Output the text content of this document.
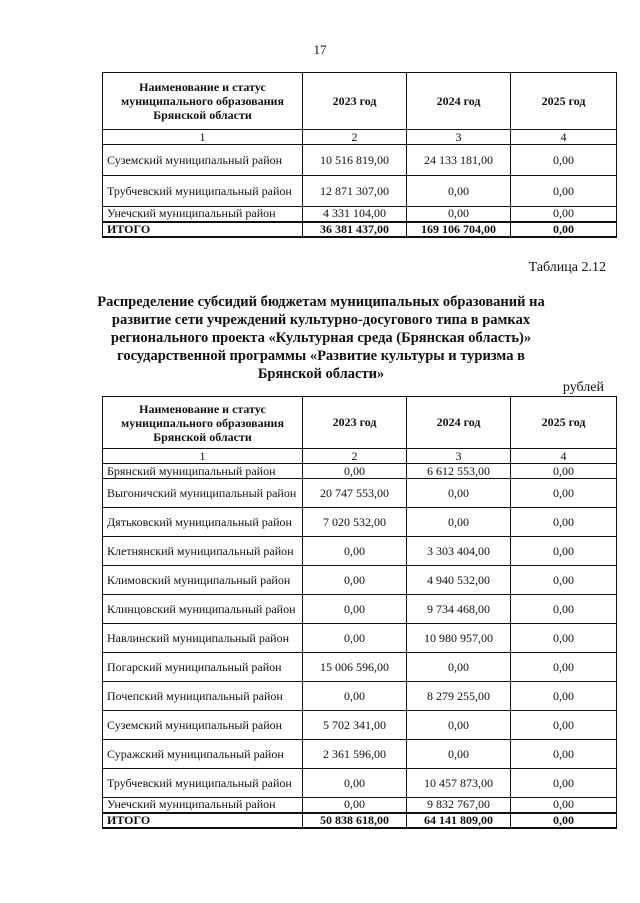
17
Наименование и статус муниципального образования Брянской области	2023 год	2024 год	2025 год
1	2	3	4
Суземский муниципальный район	10 516 819,00	24 133 181,00	0,00
Трубчевский муниципальный район	12 871 307,00	0,00	0,00
Унечский муниципальный район	4 331 104,00	0,00	0,00
ИТОГО	36 381 437,00	169 106 704,00	0,00
Таблица 2.12
Распределение субсидий бюджетам муниципальных образований на развитие сети учреждений культурно-досугового типа в рамках регионального проекта «Культурная среда (Брянская область)» государственной программы «Развитие культуры и туризма в Брянской области»
рублей
Наименование и статус муниципального образования Брянской области	2023 год	2024 год	2025 год
1	2	3	4
Брянский муниципальный район	0,00	6 612 553,00	0,00
Выгоничский муниципальный район	20 747 553,00	0,00	0,00
Дятьковский муниципальный район	7 020 532,00	0,00	0,00
Клетнянский муниципальный район	0,00	3 303 404,00	0,00
Климовский муниципальный район	0,00	4 940 532,00	0,00
Клинцовский муниципальный район	0,00	9 734 468,00	0,00
Навлинский муниципальный район	0,00	10 980 957,00	0,00
Погарский муниципальный район	15 006 596,00	0,00	0,00
Почепский муниципальный район	0,00	8 279 255,00	0,00
Суземский муниципальный район	5 702 341,00	0,00	0,00
Суражский муниципальный район	2 361 596,00	0,00	0,00
Трубчевский муниципальный район	0,00	10 457 873,00	0,00
Унечский муниципальный район	0,00	9 832 767,00	0,00
ИТОГО	50 838 618,00	64 141 809,00	0,00
